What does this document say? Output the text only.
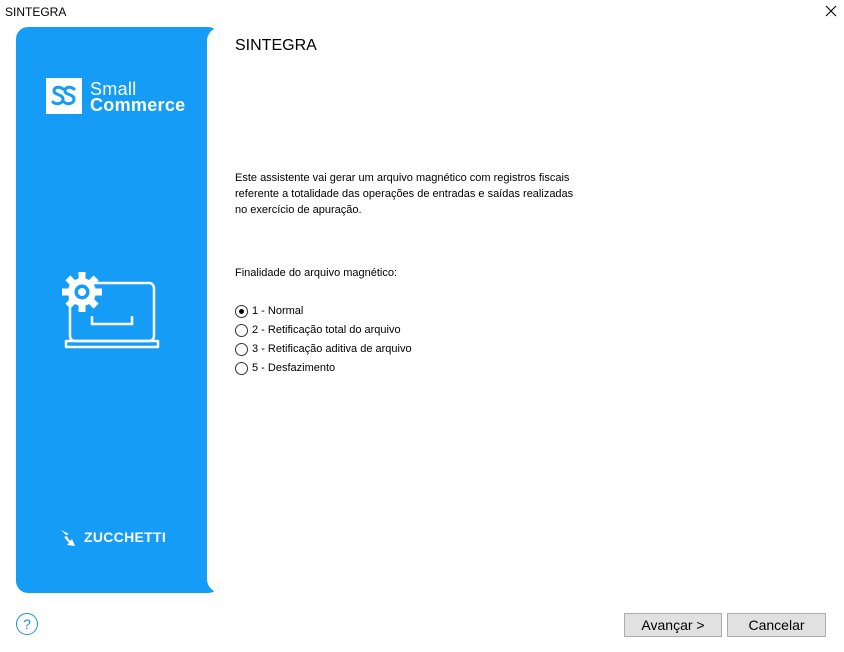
SINTEGRA
Small
Commerce
ZUCCHETTI
SINTEGRA
Este assistente vai gerar um arquivo magnético com registros fiscais
referente a totalidade das operações de entradas e saídas realizadas
no exercício de apuração.
Finalidade do arquivo magnético:
1 - Normal
2 - Retificação total do arquivo
3 - Retificação aditiva de arquivo
5 - Desfazimento
?	Avançar >	Cancelar
